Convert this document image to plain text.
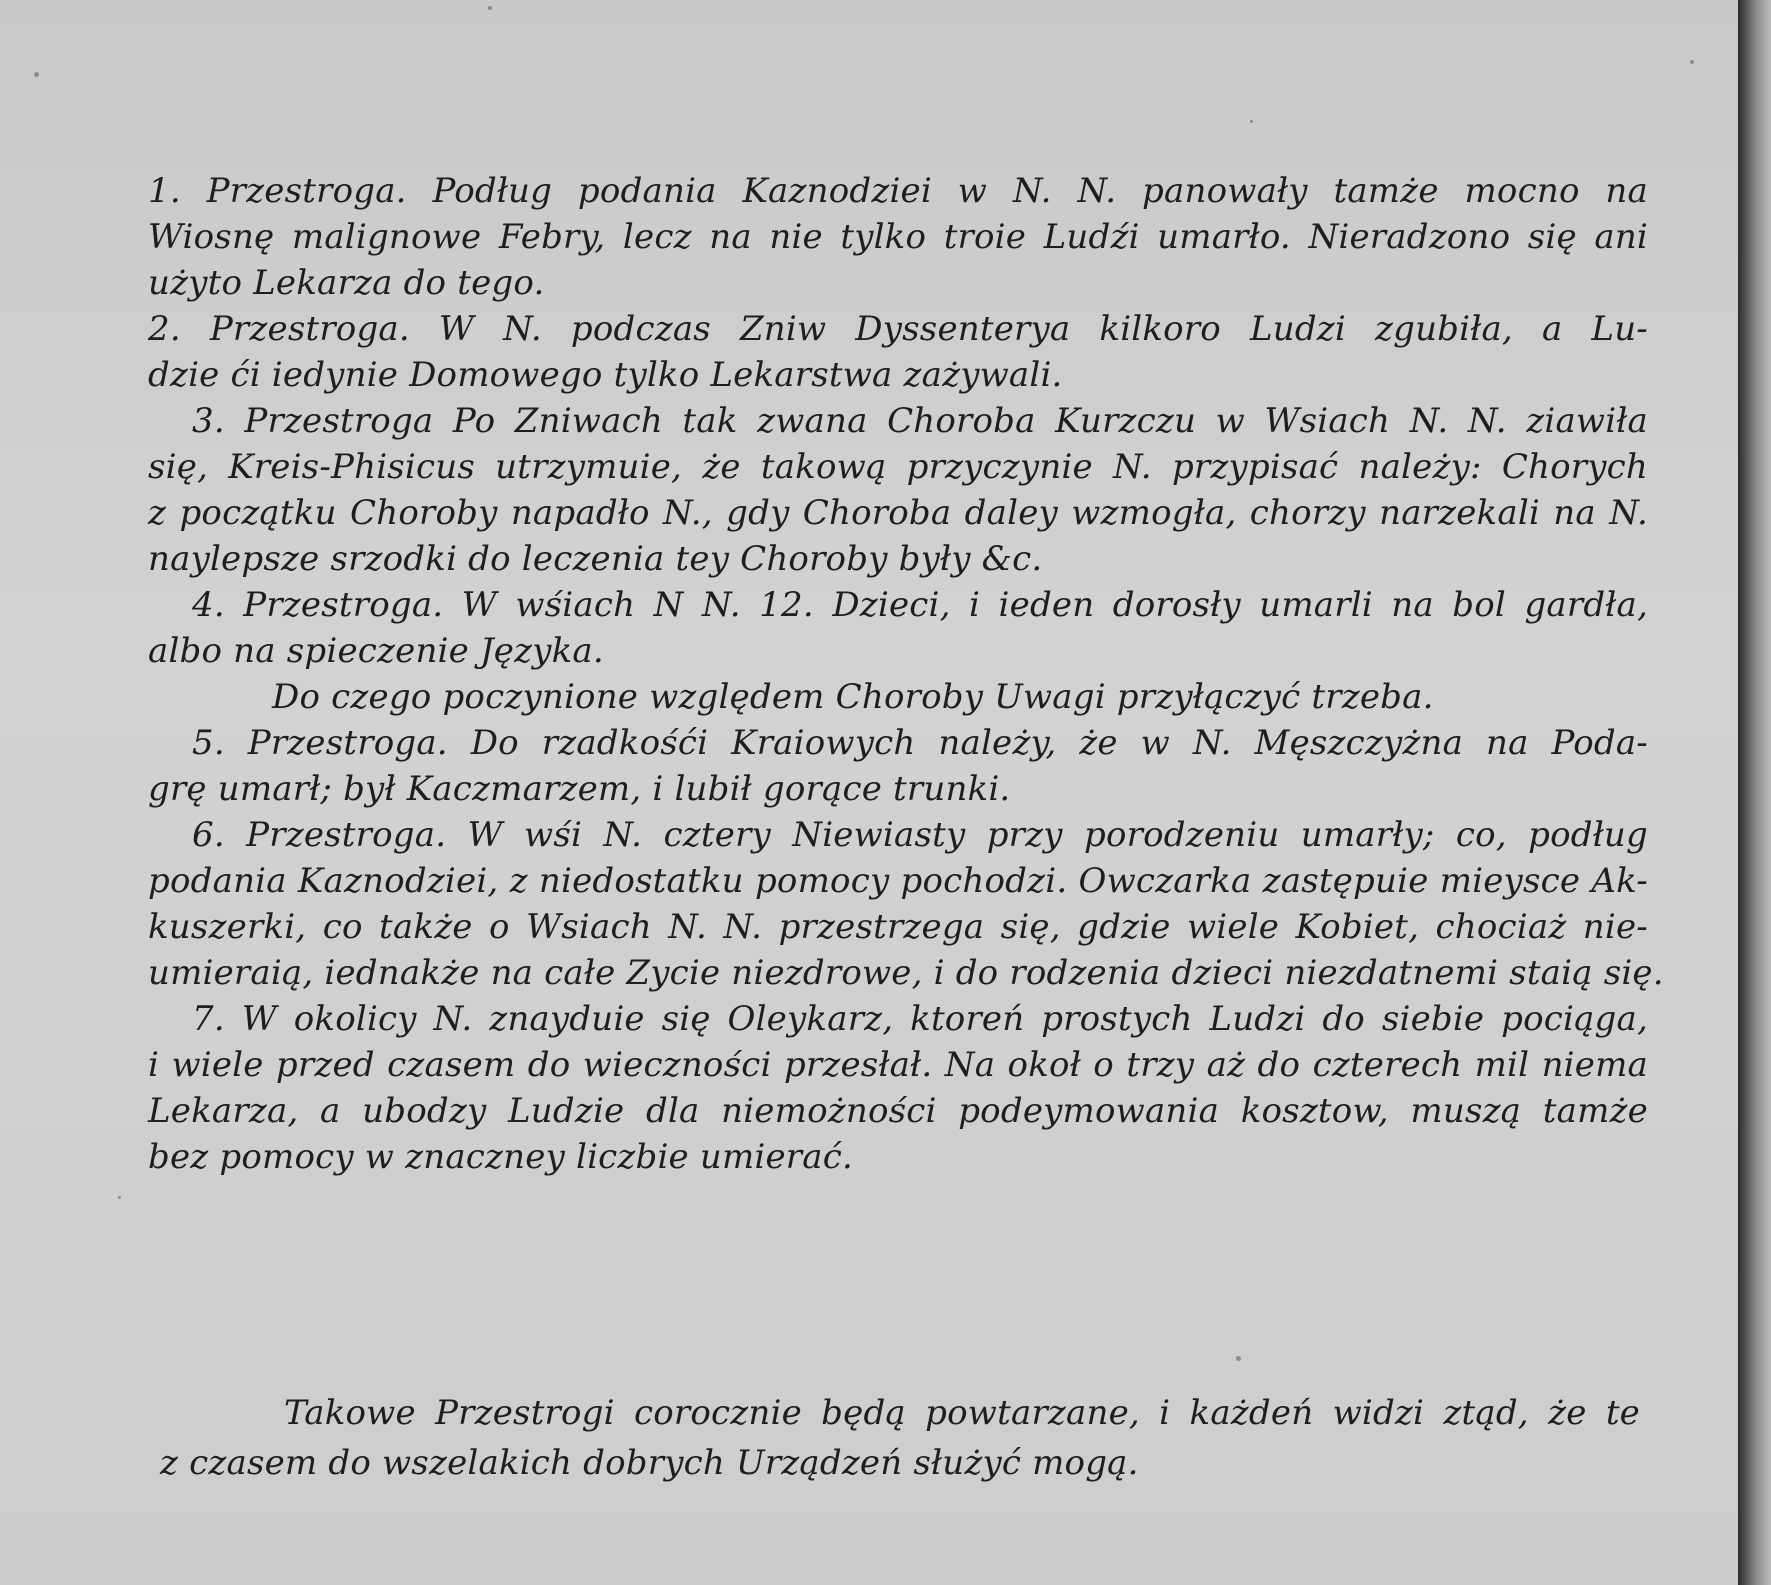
1. Przestroga. Podług podania Kaznodziei w N. N. panowały tamże mocno na
Wiosnę malignowe Febry, lecz na nie tylko troie Ludźi umarło. Nieradzono się ani
użyto Lekarza do tego.
2. Przestroga. W N. podczas Zniw Dyssenterya kilkoro Ludzi zgubiła, a Lu-
dzie ći iedynie Domowego tylko Lekarstwa zażywali.
3. Przestroga Po Zniwach tak zwana Choroba Kurzczu w Wsiach N. N. ziawiła
się, Kreis-Phisicus utrzymuie, że takową przyczynie N. przypisać należy: Chorych
z początku Choroby napadło N., gdy Choroba daley wzmogła, chorzy narzekali na N.
naylepsze srzodki do leczenia tey Choroby były &c.
4. Przestroga. W wśiach N N. 12. Dzieci, i ieden dorosły umarli na bol gardła,
albo na spieczenie Języka.
Do czego poczynione względem Choroby Uwagi przyłączyć trzeba.
5. Przestroga. Do rzadkośći Kraiowych należy, że w N. Męszczyżna na Poda-
grę umarł; był Kaczmarzem, i lubił gorące trunki.
6. Przestroga. W wśi N. cztery Niewiasty przy porodzeniu umarły; co, podług
podania Kaznodziei, z niedostatku pomocy pochodzi. Owczarka zastępuie mieysce Ak-
kuszerki, co także o Wsiach N. N. przestrzega się, gdzie wiele Kobiet, chociaż nie-
umieraią, iednakże na całe Zycie niezdrowe, i do rodzenia dzieci niezdatnemi staią się.
7. W okolicy N. znayduie się Oleykarz, ktoreń prostych Ludzi do siebie pociąga,
i wiele przed czasem do wieczności przesłał. Na okoł o trzy aż do czterech mil niema
Lekarza, a ubodzy Ludzie dla niemożności podeymowania kosztow, muszą tamże
bez pomocy w znaczney liczbie umierać.
Takowe Przestrogi corocznie będą powtarzane, i każdeń widzi ztąd, że te
z czasem do wszelakich dobrych Urządzeń służyć mogą.
